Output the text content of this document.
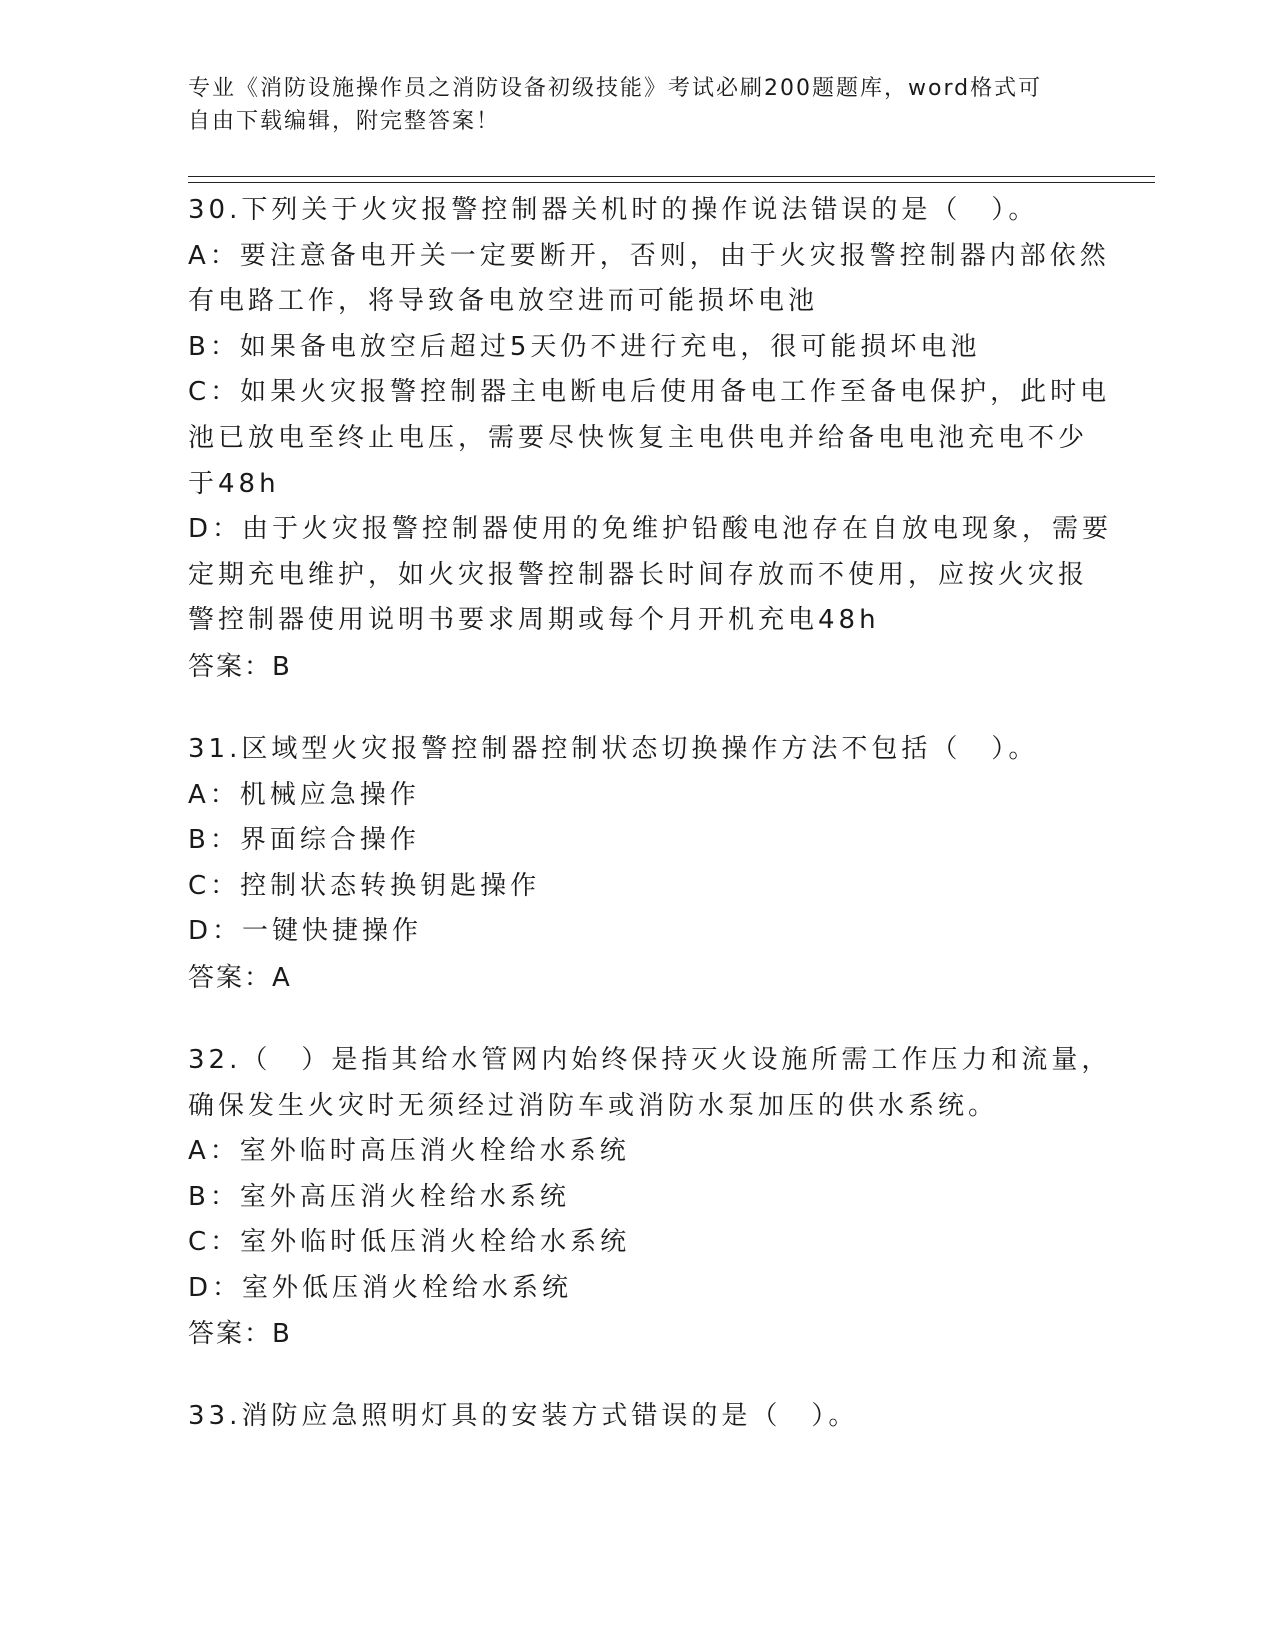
专业《消防设施操作员之消防设备初级技能》考试必刷200题题库，word格式可
自由下载编辑，附完整答案！
30.下列关于火灾报警控制器关机时的操作说法错误的是（　）。
A：要注意备电开关一定要断开，否则，由于火灾报警控制器内部依然
有电路工作，将导致备电放空进而可能损坏电池
B：如果备电放空后超过5天仍不进行充电，很可能损坏电池
C：如果火灾报警控制器主电断电后使用备电工作至备电保护，此时电
池已放电至终止电压，需要尽快恢复主电供电并给备电电池充电不少
于48h
D：由于火灾报警控制器使用的免维护铅酸电池存在自放电现象，需要
定期充电维护，如火灾报警控制器长时间存放而不使用，应按火灾报
警控制器使用说明书要求周期或每个月开机充电48h
答案：B
31.区域型火灾报警控制器控制状态切换操作方法不包括（　）。
A：机械应急操作
B：界面综合操作
C：控制状态转换钥匙操作
D：一键快捷操作
答案：A
32.（　）是指其给水管网内始终保持灭火设施所需工作压力和流量，
确保发生火灾时无须经过消防车或消防水泵加压的供水系统。
A：室外临时高压消火栓给水系统
B：室外高压消火栓给水系统
C：室外临时低压消火栓给水系统
D：室外低压消火栓给水系统
答案：B
33.消防应急照明灯具的安装方式错误的是（　）。
